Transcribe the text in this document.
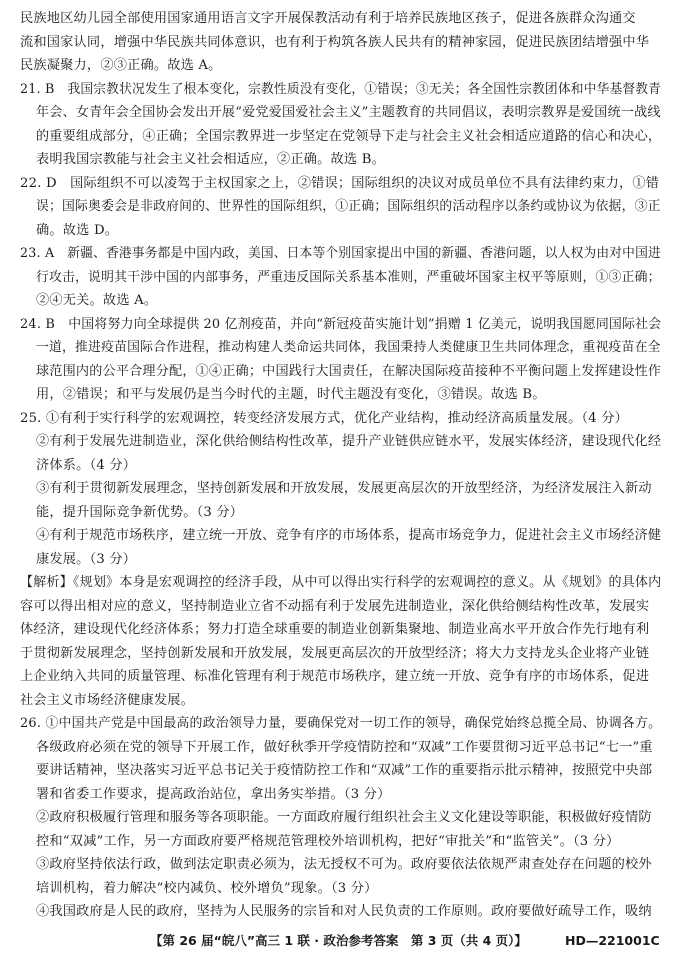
民族地区幼儿园全部使用国家通用语言文字开展保教活动有利于培养民族地区孩子，促进各族群众沟通交
流和国家认同，增强中华民族共同体意识，也有利于构筑各族人民共有的精神家园，促进民族团结增强中华
民族凝聚力，②③正确。故选 A。
21. B　我国宗教状况发生了根本变化，宗教性质没有变化，①错误；③无关；各全国性宗教团体和中华基督教青
年会、女青年会全国协会发出开展“爱党爱国爱社会主义”主题教育的共同倡议，表明宗教界是爱国统一战线
的重要组成部分，④正确；全国宗教界进一步坚定在党领导下走与社会主义社会相适应道路的信心和决心，
表明我国宗教能与社会主义社会相适应，②正确。故选 B。
22. D　国际组织不可以凌驾于主权国家之上，②错误；国际组织的决议对成员单位不具有法律约束力，①错
误；国际奥委会是非政府间的、世界性的国际组织，①正确；国际组织的活动程序以条约或协议为依据，③正
确。故选 D。
23. A　新疆、香港事务都是中国内政，美国、日本等个别国家提出中国的新疆、香港问题，以人权为由对中国进
行攻击，说明其干涉中国的内部事务，严重违反国际关系基本准则，严重破坏国家主权平等原则，①③正确；
②④无关。故选 A。
24. B　中国将努力向全球提供 20 亿剂疫苗，并向“新冠疫苗实施计划”捐赠 1 亿美元，说明我国愿同国际社会
一道，推进疫苗国际合作进程，推动构建人类命运共同体，我国秉持人类健康卫生共同体理念，重视疫苗在全
球范围内的公平合理分配，①④正确；中国践行大国责任，在解决国际疫苗接种不平衡问题上发挥建设性作
用，②错误；和平与发展仍是当今时代的主题，时代主题没有变化，③错误。故选 B。
25. ①有利于实行科学的宏观调控，转变经济发展方式，优化产业结构，推动经济高质量发展。（4 分）
②有利于发展先进制造业，深化供给侧结构性改革，提升产业链供应链水平，发展实体经济，建设现代化经
济体系。（4 分）
③有利于贯彻新发展理念，坚持创新发展和开放发展，发展更高层次的开放型经济，为经济发展注入新动
能，提升国际竞争新优势。（3 分）
④有利于规范市场秩序，建立统一开放、竞争有序的市场体系，提高市场竞争力，促进社会主义市场经济健
康发展。（3 分）
【解析】《规划》本身是宏观调控的经济手段，从中可以得出实行科学的宏观调控的意义。从《规划》的具体内
容可以得出相对应的意义，坚持制造业立省不动摇有利于发展先进制造业，深化供给侧结构性改革，发展实
体经济，建设现代化经济体系；努力打造全球重要的制造业创新集聚地、制造业高水平开放合作先行地有利
于贯彻新发展理念，坚持创新发展和开放发展，发展更高层次的开放型经济；将大力支持龙头企业将产业链
上企业纳入共同的质量管理、标准化管理有利于规范市场秩序，建立统一开放、竞争有序的市场体系，促进
社会主义市场经济健康发展。
26. ①中国共产党是中国最高的政治领导力量，要确保党对一切工作的领导，确保党始终总揽全局、协调各方。
各级政府必须在党的领导下开展工作，做好秋季开学疫情防控和“双减”工作要贯彻习近平总书记“七一”重
要讲话精神，坚决落实习近平总书记关于疫情防控工作和“双减”工作的重要指示批示精神，按照党中央部
署和省委工作要求，提高政治站位，拿出务实举措。（3 分）
②政府积极履行管理和服务等各项职能。一方面政府履行组织社会主义文化建设等职能，积极做好疫情防
控和“双减”工作，另一方面政府要严格规范管理校外培训机构，把好“审批关”和“监管关”。（3 分）
③政府坚持依法行政，做到法定职责必须为，法无授权不可为。政府要依法依规严肃查处存在问题的校外
培训机构，着力解决“校内减负、校外增负”现象。（3 分）
④我国政府是人民的政府，坚持为人民服务的宗旨和对人民负责的工作原则。政府要做好疏导工作，吸纳
【第 26 届“皖八”高三 1 联 · 政治参考答案　第 3 页（共 4 页）】	HD—221001C
